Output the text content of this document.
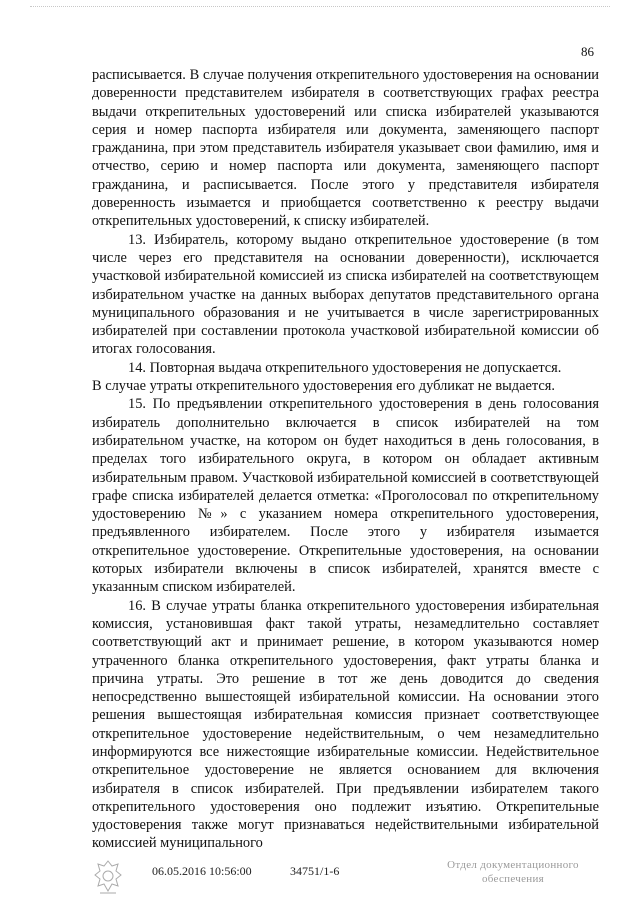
86

расписывается. В случае получения открепительного удостоверения на основании доверенности представителем избирателя в соответствующих графах реестра выдачи открепительных удостоверений или списка избирателей указываются серия и номер паспорта избирателя или документа, заменяющего паспорт гражданина, при этом представитель избирателя указывает свои фамилию, имя и отчество, серию и номер паспорта или документа, заменяющего паспорт гражданина, и расписывается. После этого у представителя избирателя доверенность изымается и приобщается соответственно к реестру выдачи открепительных удостоверений, к списку избирателей.

13. Избиратель, которому выдано открепительное удостоверение (в том числе через его представителя на основании доверенности), исключается участковой избирательной комиссией из списка избирателей на соответствующем избирательном участке на данных выборах депутатов представительного органа муниципального образования и не учитывается в числе зарегистрированных избирателей при составлении протокола участковой избирательной комиссии об итогах голосования.

14. Повторная выдача открепительного удостоверения не допускается.

В случае утраты открепительного удостоверения его дубликат не выдается.

15. По предъявлении открепительного удостоверения в день голосования избиратель дополнительно включается в список избирателей на том избирательном участке, на котором он будет находиться в день голосования, в пределах того избирательного округа, в котором он обладает активным избирательным правом. Участковой избирательной комиссией в соответствующей графе списка избирателей делается отметка: «Проголосовал по открепительному удостоверению №» с указанием номера открепительного удостоверения, предъявленного избирателем. После этого у избирателя изымается открепительное удостоверение. Открепительные удостоверения, на основании которых избиратели включены в список избирателей, хранятся вместе с указанным списком избирателей.

16. В случае утраты бланка открепительного удостоверения избирательная комиссия, установившая факт такой утраты, незамедлительно составляет соответствующий акт и принимает решение, в котором указываются номер утраченного бланка открепительного удостоверения, факт утраты бланка и причина утраты. Это решение в тот же день доводится до сведения непосредственно вышестоящей избирательной комиссии. На основании этого решения вышестоящая избирательная комиссия признает соответствующее открепительное удостоверение недействительным, о чем незамедлительно информируются все нижестоящие избирательные комиссии. Недействительное открепительное удостоверение не является основанием для включения избирателя в список избирателей. При предъявлении избирателем такого открепительного удостоверения оно подлежит изъятию. Открепительные удостоверения также могут признаваться недействительными избирательной комиссией муниципального

06.05.2016 10:56:00	34751/1-6	Отдел документационного обеспечения
